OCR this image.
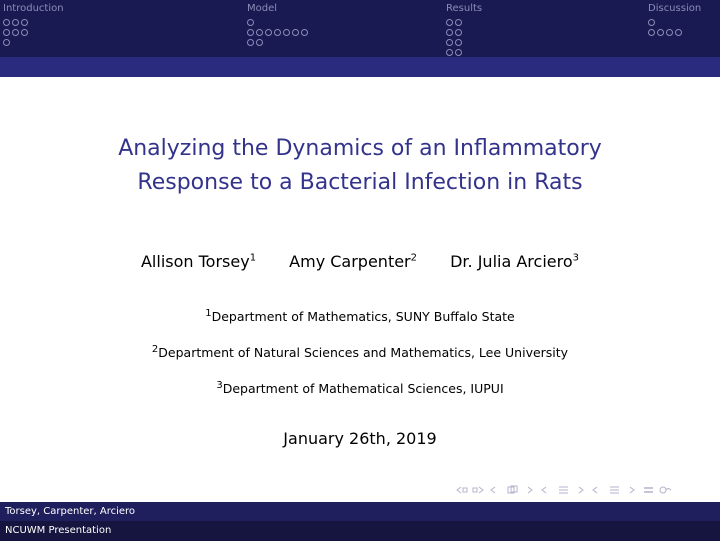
Introduction	Model	Results	Discussion
Analyzing the Dynamics of an Inflammatory
Response to a Bacterial Infection in Rats
Allison Torsey$^1$ Amy Carpenter$^2$ Dr. Julia Arciero$^3$
$^1$Department of Mathematics, SUNY Buffalo State
$^2$Department of Natural Sciences and Mathematics, Lee University
$^3$Department of Mathematical Sciences, IUPUI
January 26th, 2019
Torsey, Carpenter, Arciero
NCUWM Presentation
